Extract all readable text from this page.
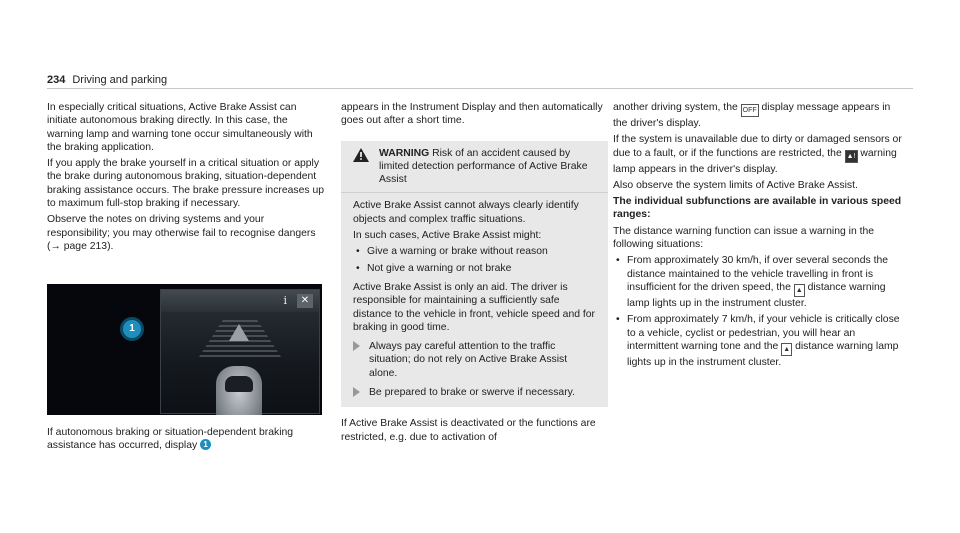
234 Driving and parking

In especially critical situations, Active Brake Assist can initiate autonomous braking directly. In this case, the warning lamp and warning tone occur simultaneously with the braking application.

If you apply the brake yourself in a critical situation or apply the brake during autonomous braking, situation-dependent braking assistance occurs. The brake pressure increases up to maximum full-stop braking if necessary.

Observe the notes on driving systems and your responsibility; you may otherwise fail to recognise dangers (→ page 213).

1
i	✕
If autonomous braking or situation-dependent braking assistance has occurred, display 1

appears in the Instrument Display and then automatically goes out after a short time.

WARNING Risk of an accident caused by limited detection performance of Active Brake Assist

Active Brake Assist cannot always clearly identify objects and complex traffic situations.

In such cases, Active Brake Assist might:

• Give a warning or brake without reason
• Not give a warning or not brake

Active Brake Assist is only an aid. The driver is responsible for maintaining a sufficiently safe distance to the vehicle in front, vehicle speed and for braking in good time.

Always pay careful attention to the traffic situation; do not rely on Active Brake Assist alone.
Be prepared to brake or swerve if necessary.

If Active Brake Assist is deactivated or the functions are restricted, e.g. due to activation of

another driving system, the OFF display message appears in the driver's display.

If the system is unavailable due to dirty or damaged sensors or due to a fault, or if the functions are restricted, the ▲! warning lamp appears in the driver's display.

Also observe the system limits of Active Brake Assist.

The individual subfunctions are available in various speed ranges:

The distance warning function can issue a warning in the following situations:

• From approximately 30 km/h, if over several seconds the distance maintained to the vehicle travelling in front is insufficient for the driven speed, the ▲ distance warning lamp lights up in the instrument cluster.
• From approximately 7 km/h, if your vehicle is critically close to a vehicle, cyclist or pedestrian, you will hear an intermittent warning tone and the ▲ distance warning lamp lights up in the instrument cluster.
